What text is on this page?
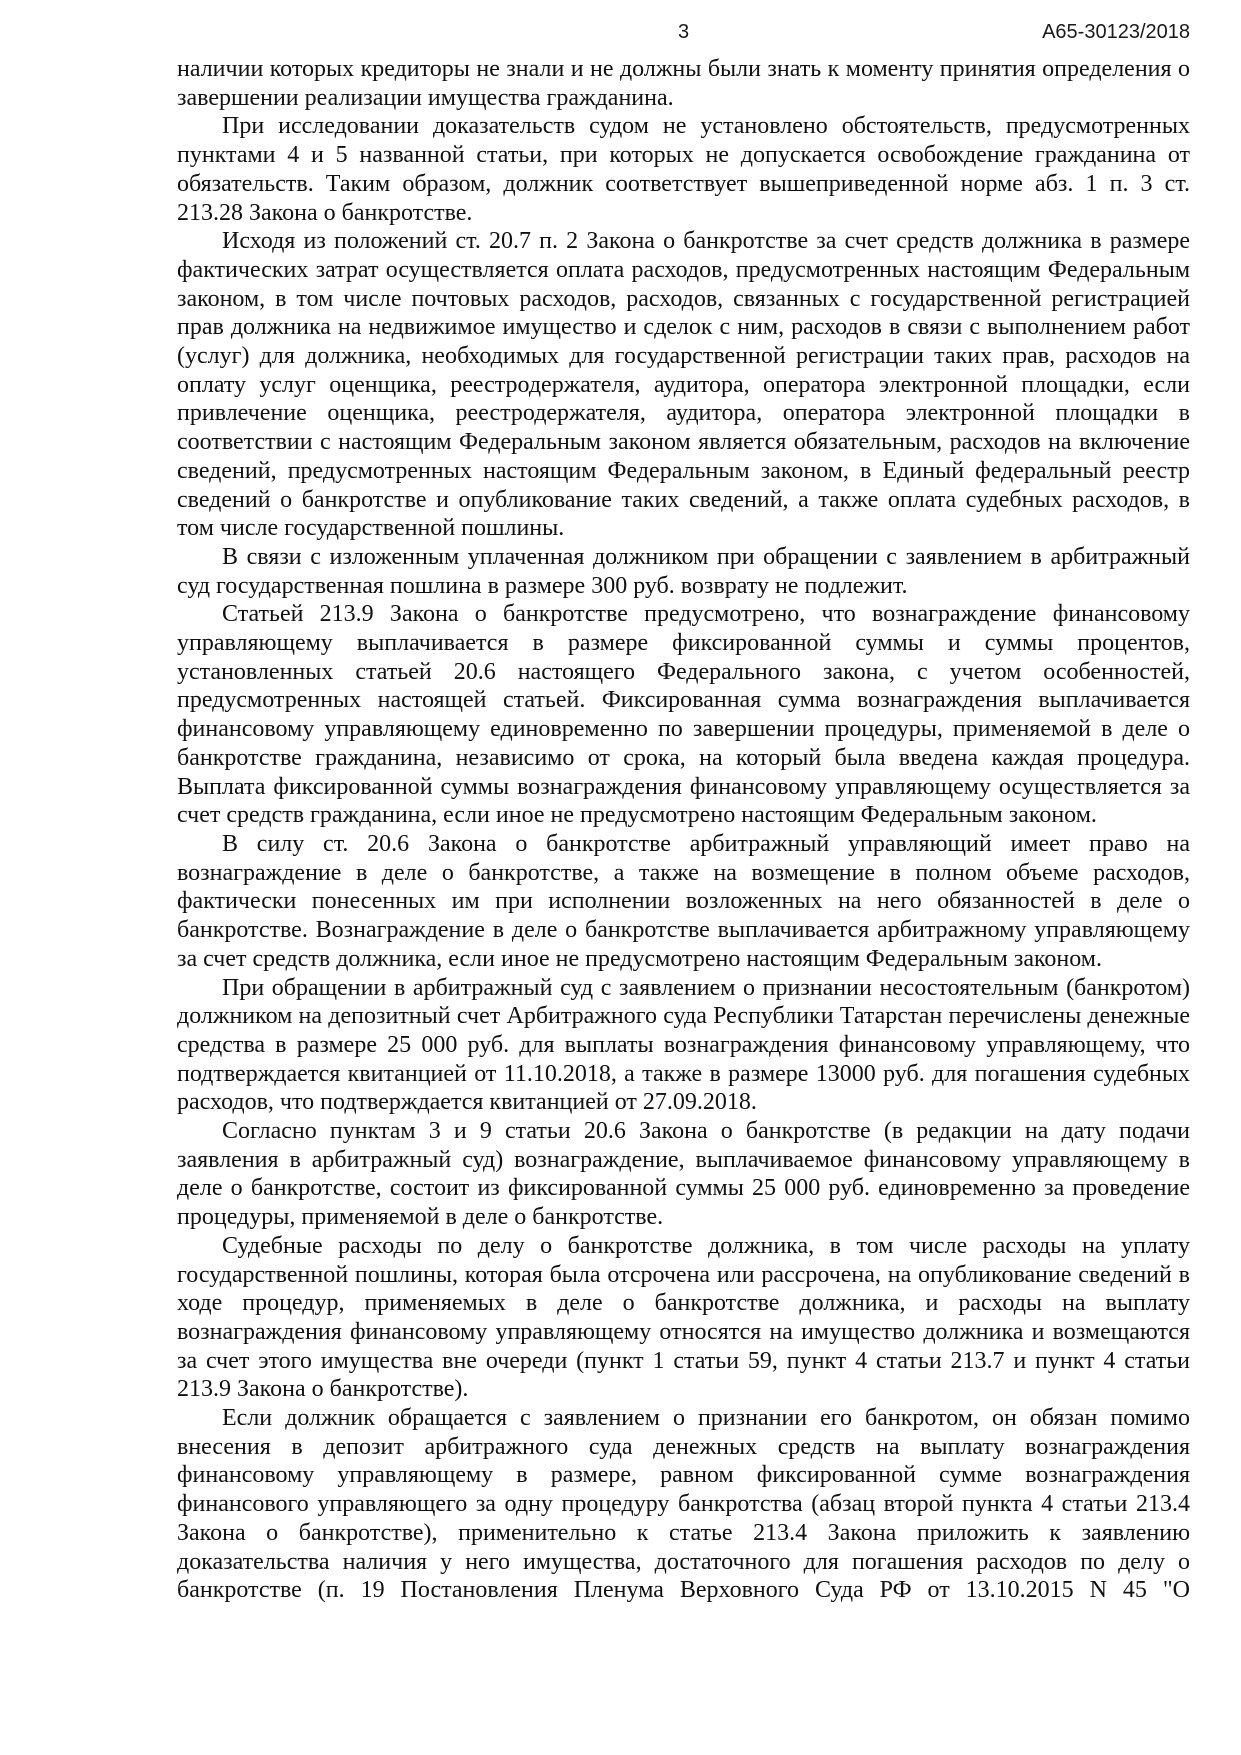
3	А65-30123/2018

наличии которых кредиторы не знали и не должны были знать к моменту принятия определения о завершении реализации имущества гражданина.

При исследовании доказательств судом не установлено обстоятельств, предусмотренных пунктами 4 и 5 названной статьи, при которых не допускается освобождение гражданина от обязательств. Таким образом, должник соответствует вышеприведенной норме абз. 1 п. 3 ст. 213.28 Закона о банкротстве.

Исходя из положений ст. 20.7 п. 2 Закона о банкротстве за счет средств должника в размере фактических затрат осуществляется оплата расходов, предусмотренных настоящим Федеральным законом, в том числе почтовых расходов, расходов, связанных с государственной регистрацией прав должника на недвижимое имущество и сделок с ним, расходов в связи с выполнением работ (услуг) для должника, необходимых для государственной регистрации таких прав, расходов на оплату услуг оценщика, реестродержателя, аудитора, оператора электронной площадки, если привлечение оценщика, реестродержателя, аудитора, оператора электронной площадки в соответствии с настоящим Федеральным законом является обязательным, расходов на включение сведений, предусмотренных настоящим Федеральным законом, в Единый федеральный реестр сведений о банкротстве и опубликование таких сведений, а также оплата судебных расходов, в том числе государственной пошлины.

В связи с изложенным уплаченная должником при обращении с заявлением в арбитражный суд государственная пошлина в размере 300 руб. возврату не подлежит.

Статьей 213.9 Закона о банкротстве предусмотрено, что вознаграждение финансовому управляющему выплачивается в размере фиксированной суммы и суммы процентов, установленных статьей 20.6 настоящего Федерального закона, с учетом особенностей, предусмотренных настоящей статьей. Фиксированная сумма вознаграждения выплачивается финансовому управляющему единовременно по завершении процедуры, применяемой в деле о банкротстве гражданина, независимо от срока, на который была введена каждая процедура. Выплата фиксированной суммы вознаграждения финансовому управляющему осуществляется за счет средств гражданина, если иное не предусмотрено настоящим Федеральным законом.

В силу ст. 20.6 Закона о банкротстве арбитражный управляющий имеет право на вознаграждение в деле о банкротстве, а также на возмещение в полном объеме расходов, фактически понесенных им при исполнении возложенных на него обязанностей в деле о банкротстве. Вознаграждение в деле о банкротстве выплачивается арбитражному управляющему за счет средств должника, если иное не предусмотрено настоящим Федеральным законом.

При обращении в арбитражный суд с заявлением о признании несостоятельным (банкротом) должником на депозитный счет Арбитражного суда Республики Татарстан перечислены денежные средства в размере 25 000 руб. для выплаты вознаграждения финансовому управляющему, что подтверждается квитанцией от 11.10.2018, а также в размере 13000 руб. для погашения судебных расходов, что подтверждается квитанцией от 27.09.2018.

Согласно пунктам 3 и 9 статьи 20.6 Закона о банкротстве (в редакции на дату подачи заявления в арбитражный суд) вознаграждение, выплачиваемое финансовому управляющему в деле о банкротстве, состоит из фиксированной суммы 25 000 руб. единовременно за проведение процедуры, применяемой в деле о банкротстве.

Судебные расходы по делу о банкротстве должника, в том числе расходы на уплату государственной пошлины, которая была отсрочена или рассрочена, на опубликование сведений в ходе процедур, применяемых в деле о банкротстве должника, и расходы на выплату вознаграждения финансовому управляющему относятся на имущество должника и возмещаются за счет этого имущества вне очереди (пункт 1 статьи 59, пункт 4 статьи 213.7 и пункт 4 статьи 213.9 Закона о банкротстве).

Если должник обращается с заявлением о признании его банкротом, он обязан помимо внесения в депозит арбитражного суда денежных средств на выплату вознаграждения финансовому управляющему в размере, равном фиксированной сумме вознаграждения финансового управляющего за одну процедуру банкротства (абзац второй пункта 4 статьи 213.4 Закона о банкротстве), применительно к статье 213.4 Закона приложить к заявлению доказательства наличия у него имущества, достаточного для погашения расходов по делу о банкротстве (п. 19 Постановления Пленума Верховного Суда РФ от 13.10.2015 N 45 "О
